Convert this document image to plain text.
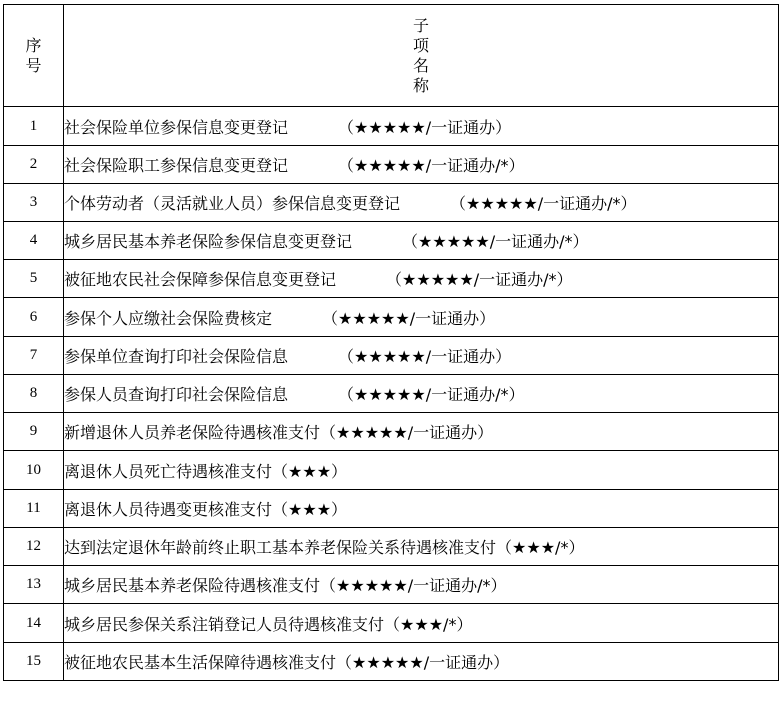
序号	子项名称
1	社会保险单位参保信息变更登记 （★★★★★/一证通办）
2	社会保险职工参保信息变更登记 （★★★★★/一证通办/*）
3	个体劳动者（灵活就业人员）参保信息变更登记 （★★★★★/一证通办/*）
4	城乡居民基本养老保险参保信息变更登记 （★★★★★/一证通办/*）
5	被征地农民社会保障参保信息变更登记 （★★★★★/一证通办/*）
6	参保个人应缴社会保险费核定 （★★★★★/一证通办）
7	参保单位查询打印社会保险信息 （★★★★★/一证通办）
8	参保人员查询打印社会保险信息 （★★★★★/一证通办/*）
9	新增退休人员养老保险待遇核准支付（★★★★★/一证通办）
10	离退休人员死亡待遇核准支付（★★★）
11	离退休人员待遇变更核准支付（★★★）
12	达到法定退休年龄前终止职工基本养老保险关系待遇核准支付（★★★/*）
13	城乡居民基本养老保险待遇核准支付（★★★★★/一证通办/*）
14	城乡居民参保关系注销登记人员待遇核准支付（★★★/*）
15	被征地农民基本生活保障待遇核准支付（★★★★★/一证通办）
